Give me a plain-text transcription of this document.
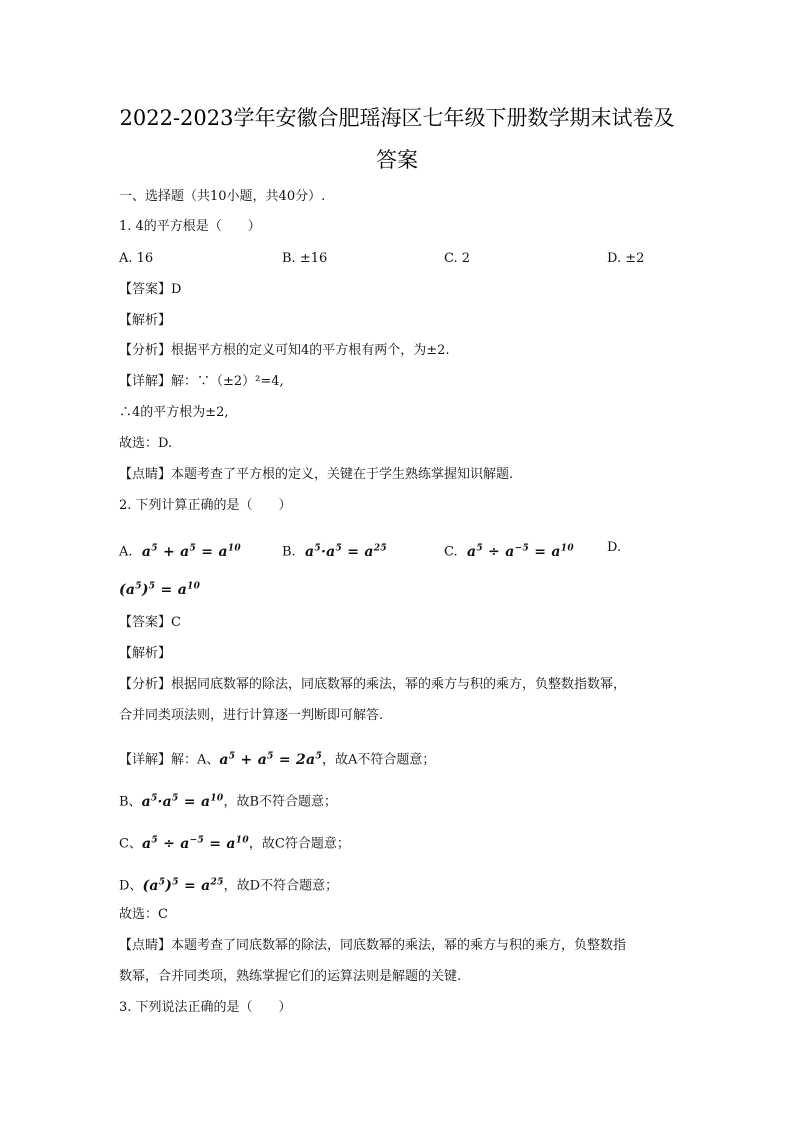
2022-2023学年安徽合肥瑶海区七年级下册数学期末试卷及
答案
一、选择题（共10小题，共40分）.
1. 4的平方根是（　　）
A. 16	B. ±16	C. 2	D. ±2
【答案】D
【解析】
【分析】根据平方根的定义可知4的平方根有两个，为±2.
【详解】解：∵（±2）²=4,
∴4的平方根为±2,
故选：D.
【点睛】本题考查了平方根的定义，关键在于学生熟练掌握知识解题.
2. 下列计算正确的是（　　）
A.  $a^5 + a^5 = a^{10}$	B.  $a^5\cdot a^5 = a^{25}$	C.  $a^5 \div a^{-5} = a^{10}$	D.
$(a^5)^5 = a^{10}$
【答案】C
【解析】
【分析】根据同底数幂的除法，同底数幂的乘法，幂的乘方与积的乘方，负整数指数幂，
合并同类项法则，进行计算逐一判断即可解答.
【详解】解：A、$a^5 + a^5 = 2a^5$，故A不符合题意；
B、$a^5\cdot a^5 = a^{10}$，故B不符合题意；
C、$a^5 \div a^{-5} = a^{10}$，故C符合题意；
D、$(a^5)^5 = a^{25}$，故D不符合题意；
故选：C
【点睛】本题考查了同底数幂的除法，同底数幂的乘法，幂的乘方与积的乘方，负整数指
数幂，合并同类项，熟练掌握它们的运算法则是解题的关键.
3. 下列说法正确的是（　　）
